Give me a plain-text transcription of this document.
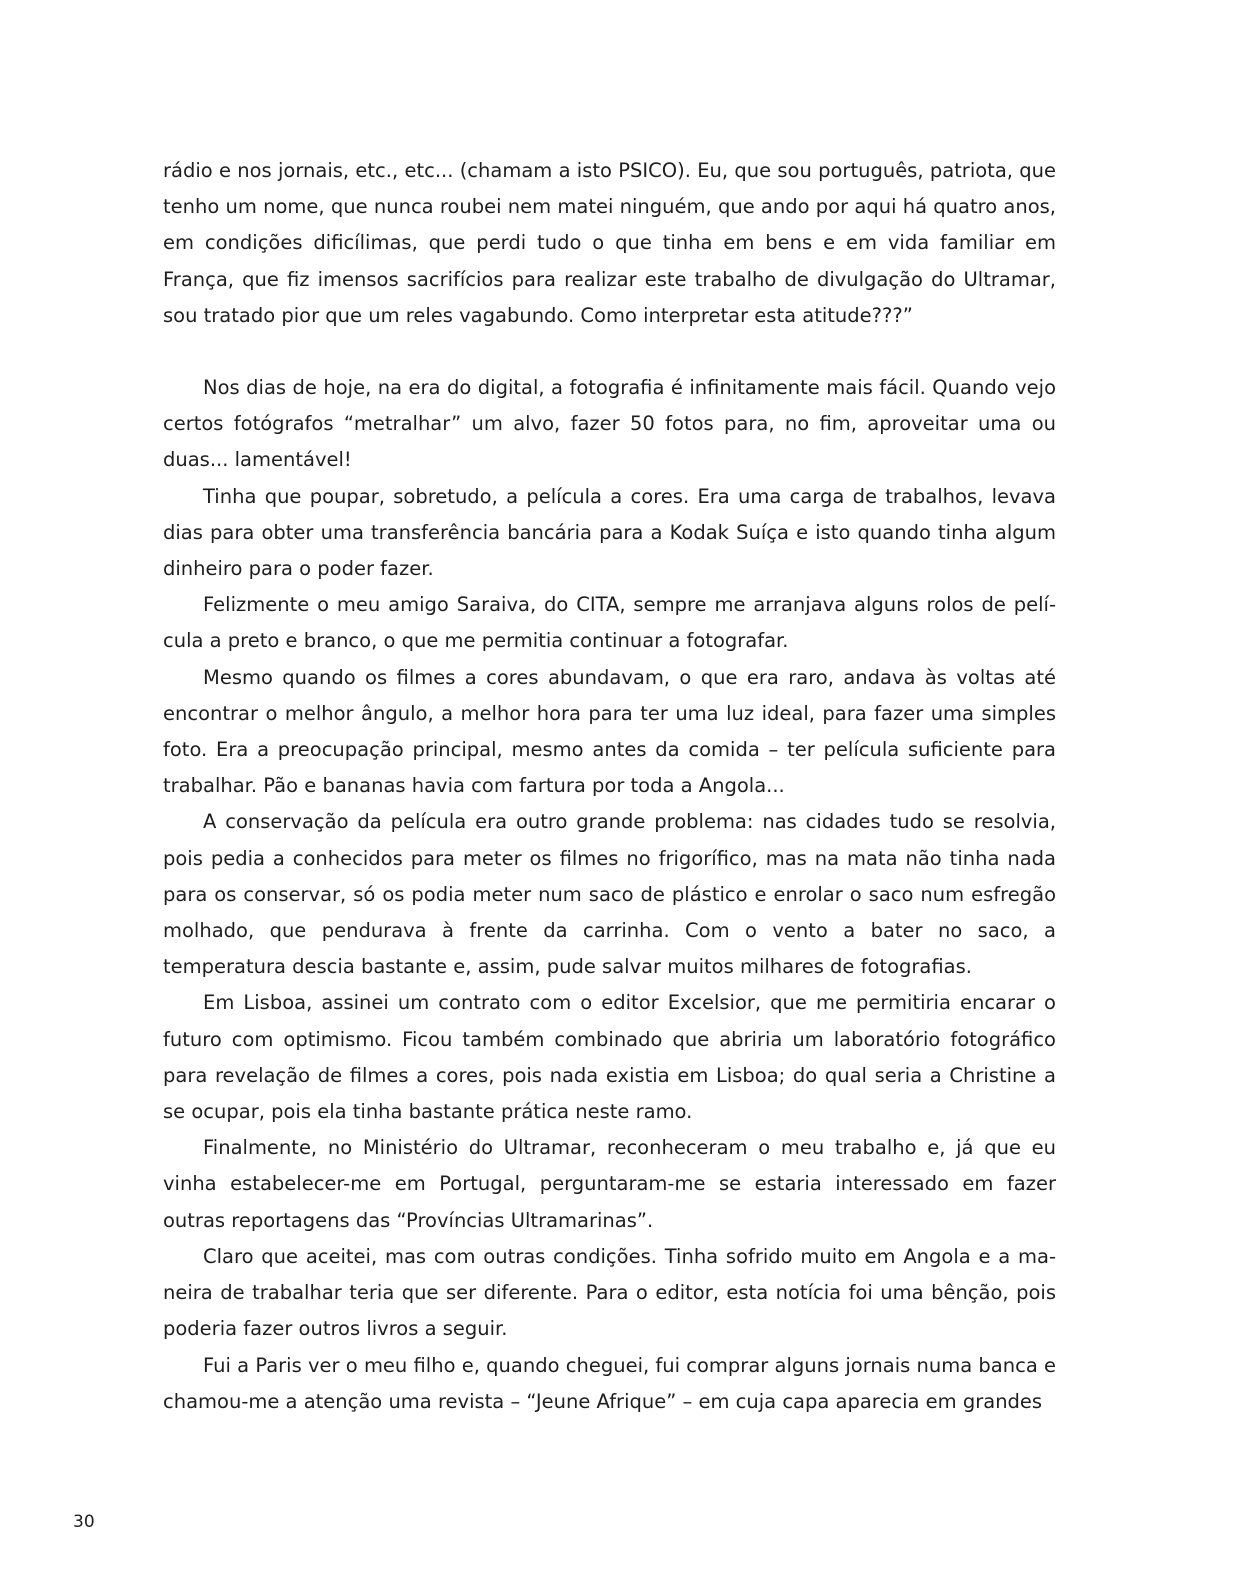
rádio e nos jornais, etc., etc... (chamam a isto PSICO). Eu, que sou português, patriota, que tenho um nome, que nunca roubei nem matei ninguém, que ando por aqui há quatro anos, em condições dificílimas, que perdi tudo o que tinha em bens e em vida familiar em França, que fiz imensos sacrifícios para realizar este trabalho de divulgação do Ultramar, sou tratado pior que um reles vagabundo. Como interpretar esta atitude???”

Nos dias de hoje, na era do digital, a fotografia é infinitamente mais fácil. Quando vejo certos fotógrafos “metralhar” um alvo, fazer 50 fotos para, no fim, aproveitar uma ou duas... lamentável!

Tinha que poupar, sobretudo, a película a cores. Era uma carga de trabalhos, levava dias para obter uma transferência bancária para a Kodak Suíça e isto quando tinha algum dinheiro para o poder fazer.

Felizmente o meu amigo Saraiva, do CITA, sempre me arranjava alguns rolos de película a preto e branco, o que me permitia continuar a fotografar.

Mesmo quando os filmes a cores abundavam, o que era raro, andava às voltas até encontrar o melhor ângulo, a melhor hora para ter uma luz ideal, para fazer uma simples foto. Era a preocupação principal, mesmo antes da comida – ter película suficiente para trabalhar. Pão e bananas havia com fartura por toda a Angola...

A conservação da película era outro grande problema: nas cidades tudo se resolvia, pois pedia a conhecidos para meter os filmes no frigorífico, mas na mata não tinha nada para os conservar, só os podia meter num saco de plástico e enrolar o saco num esfregão molhado, que pendurava à frente da carrinha. Com o vento a bater no saco, a temperatura descia bastante e, assim, pude salvar muitos milhares de fotografias.

Em Lisboa, assinei um contrato com o editor Excelsior, que me permitiria encarar o futuro com optimismo. Ficou também combinado que abriria um laboratório fotográfico para revelação de filmes a cores, pois nada existia em Lisboa; do qual seria a Christine a se ocupar, pois ela tinha bastante prática neste ramo.

Finalmente, no Ministério do Ultramar, reconheceram o meu trabalho e, já que eu vinha estabelecer-me em Portugal, perguntaram-me se estaria interessado em fazer outras reportagens das “Províncias Ultramarinas”.

Claro que aceitei, mas com outras condições. Tinha sofrido muito em Angola e a maneira de trabalhar teria que ser diferente. Para o editor, esta notícia foi uma bênção, pois poderia fazer outros livros a seguir.

Fui a Paris ver o meu filho e, quando cheguei, fui comprar alguns jornais numa banca e chamou-me a atenção uma revista – “Jeune Afrique” – em cuja capa aparecia em grandes

30
